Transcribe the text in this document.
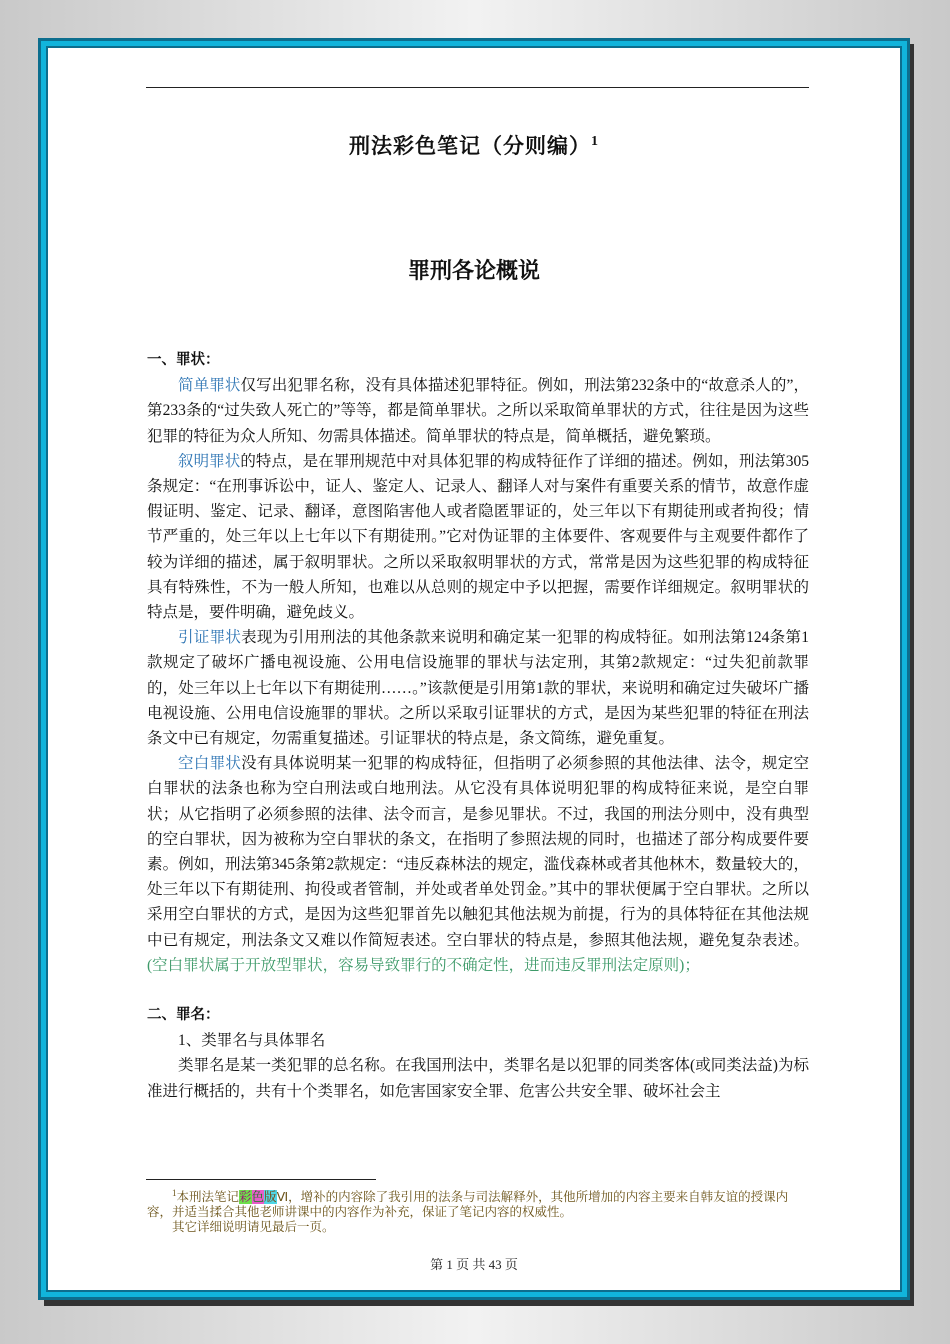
刑法彩色笔记（分则编）$^1$
罪刑各论概说

一、罪状：

简单罪状仅写出犯罪名称，没有具体描述犯罪特征。例如，刑法第232条中的“故意杀人的”，第233条的“过失致人死亡的”等等，都是简单罪状。之所以采取简单罪状的方式，往往是因为这些犯罪的特征为众人所知、勿需具体描述。简单罪状的特点是，简单概括，避免繁琐。

叙明罪状的特点，是在罪刑规范中对具体犯罪的构成特征作了详细的描述。例如，刑法第305条规定：“在刑事诉讼中，证人、鉴定人、记录人、翻译人对与案件有重要关系的情节，故意作虚假证明、鉴定、记录、翻译，意图陷害他人或者隐匿罪证的，处三年以下有期徒刑或者拘役；情节严重的，处三年以上七年以下有期徒刑。”它对伪证罪的主体要件、客观要件与主观要件都作了较为详细的描述，属于叙明罪状。之所以采取叙明罪状的方式，常常是因为这些犯罪的构成特征具有特殊性，不为一般人所知，也难以从总则的规定中予以把握，需要作详细规定。叙明罪状的特点是，要件明确，避免歧义。

引证罪状表现为引用刑法的其他条款来说明和确定某一犯罪的构成特征。如刑法第124条第1款规定了破坏广播电视设施、公用电信设施罪的罪状与法定刑，其第2款规定：“过失犯前款罪的，处三年以上七年以下有期徒刑……。”该款便是引用第1款的罪状，来说明和确定过失破坏广播电视设施、公用电信设施罪的罪状。之所以采取引证罪状的方式，是因为某些犯罪的特征在刑法条文中已有规定，勿需重复描述。引证罪状的特点是，条文简练，避免重复。

空白罪状没有具体说明某一犯罪的构成特征，但指明了必须参照的其他法律、法令，规定空白罪状的法条也称为空白刑法或白地刑法。从它没有具体说明犯罪的构成特征来说，是空白罪状；从它指明了必须参照的法律、法令而言，是参见罪状。不过，我国的刑法分则中，没有典型的空白罪状，因为被称为空白罪状的条文，在指明了参照法规的同时，也描述了部分构成要件要素。例如，刑法第345条第2款规定：“违反森林法的规定，滥伐森林或者其他林木，数量较大的，处三年以下有期徒刑、拘役或者管制，并处或者单处罚金。”其中的罪状便属于空白罪状。之所以采用空白罪状的方式，是因为这些犯罪首先以触犯其他法规为前提，行为的具体特征在其他法规中已有规定，刑法条文又难以作简短表述。空白罪状的特点是，参照其他法规，避免复杂表述。(空白罪状属于开放型罪状，容易导致罪行的不确定性，进而违反罪刑法定原则)；

二、罪名：

1、类罪名与具体罪名

类罪名是某一类犯罪的总名称。在我国刑法中，类罪名是以犯罪的同类客体(或同类法益)为标准进行概括的，共有十个类罪名，如危害国家安全罪、危害公共安全罪、破坏社会主

$^1$本刑法笔记彩色版Ⅵ，增补的内容除了我引用的法条与司法解释外，其他所增加的内容主要来自韩友谊的授课内容，并适当揉合其他老师讲课中的内容作为补充，保证了笔记内容的权威性。

其它详细说明请见最后一页。

第 1 页 共 43 页
